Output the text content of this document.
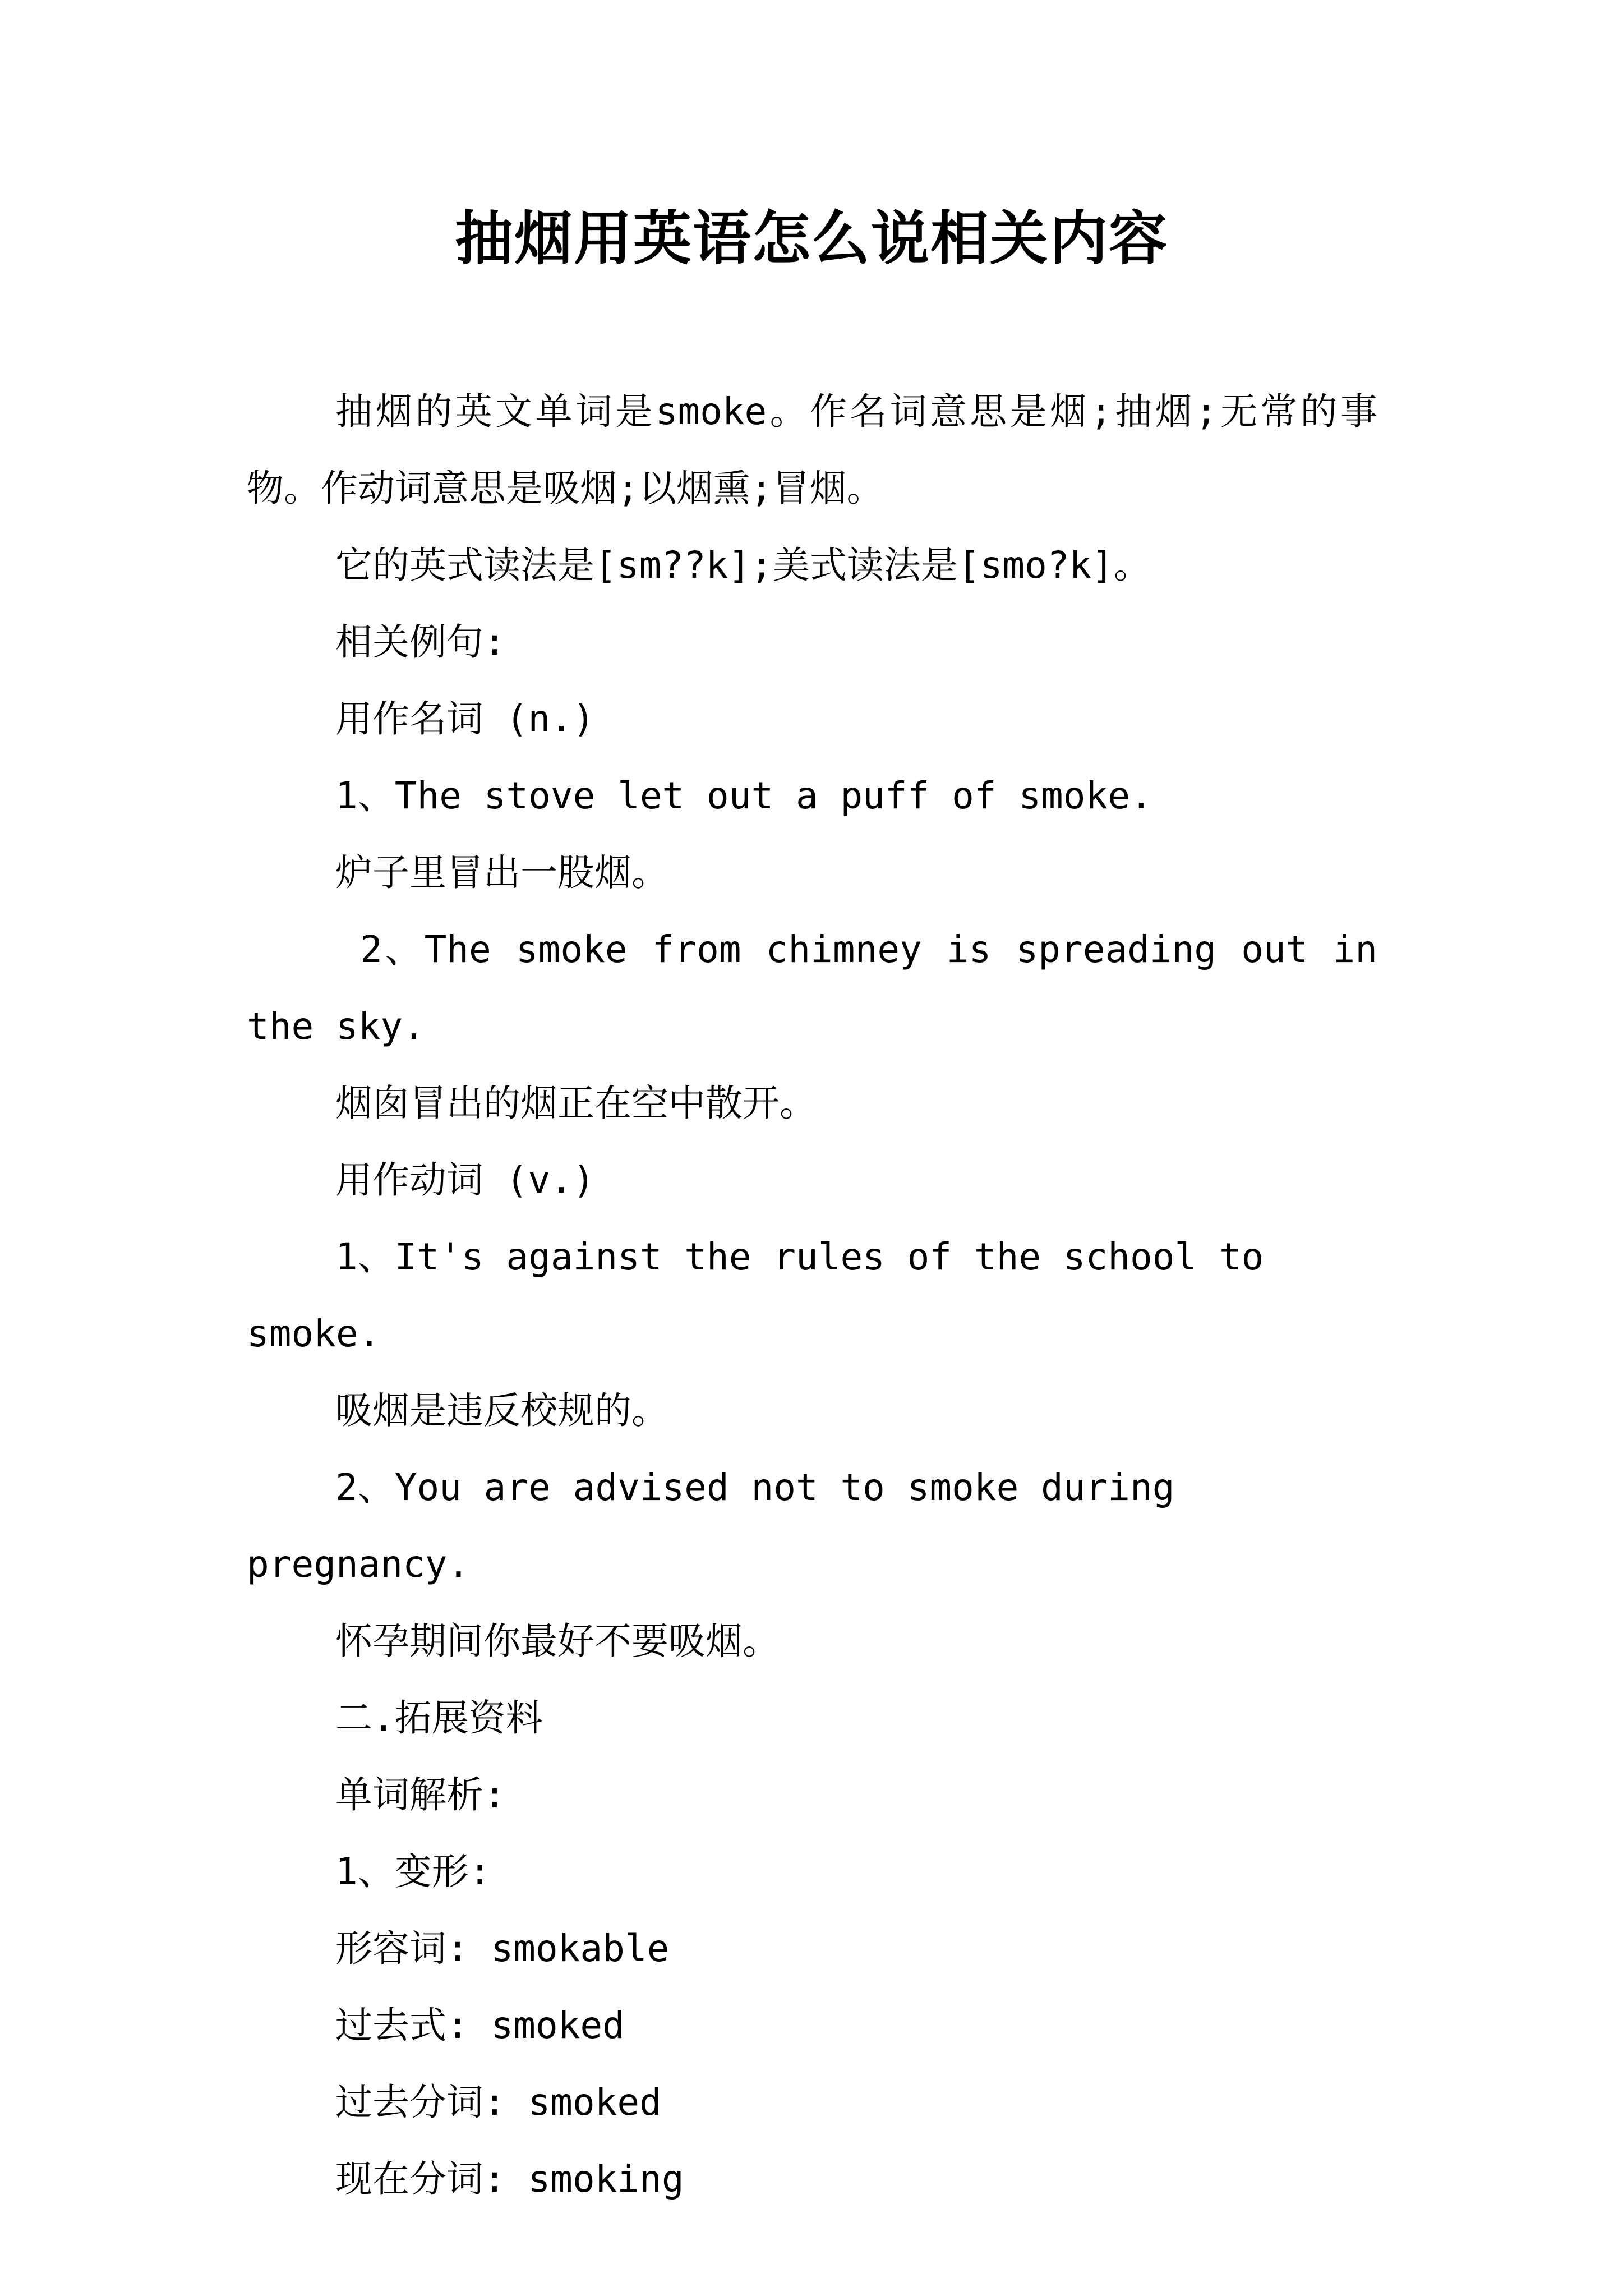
抽烟用英语怎么说相关内容

抽烟的英文单词是smoke。作名词意思是烟;抽烟;无常的事物。作动词意思是吸烟;以烟熏;冒烟。

它的英式读法是[sm??k];美式读法是[smo?k]。

相关例句:

用作名词 (n.)

1、The stove let out a puff of smoke.

炉子里冒出一股烟。

2、The smoke from chimney is spreading out in the sky.

烟囱冒出的烟正在空中散开。

用作动词 (v.)

1、It's against the rules of the school to smoke.

吸烟是违反校规的。

2、You are advised not to smoke during pregnancy.

怀孕期间你最好不要吸烟。

二.拓展资料

单词解析:

1、变形:

形容词: smokable

过去式: smoked

过去分词: smoked

现在分词: smoking
